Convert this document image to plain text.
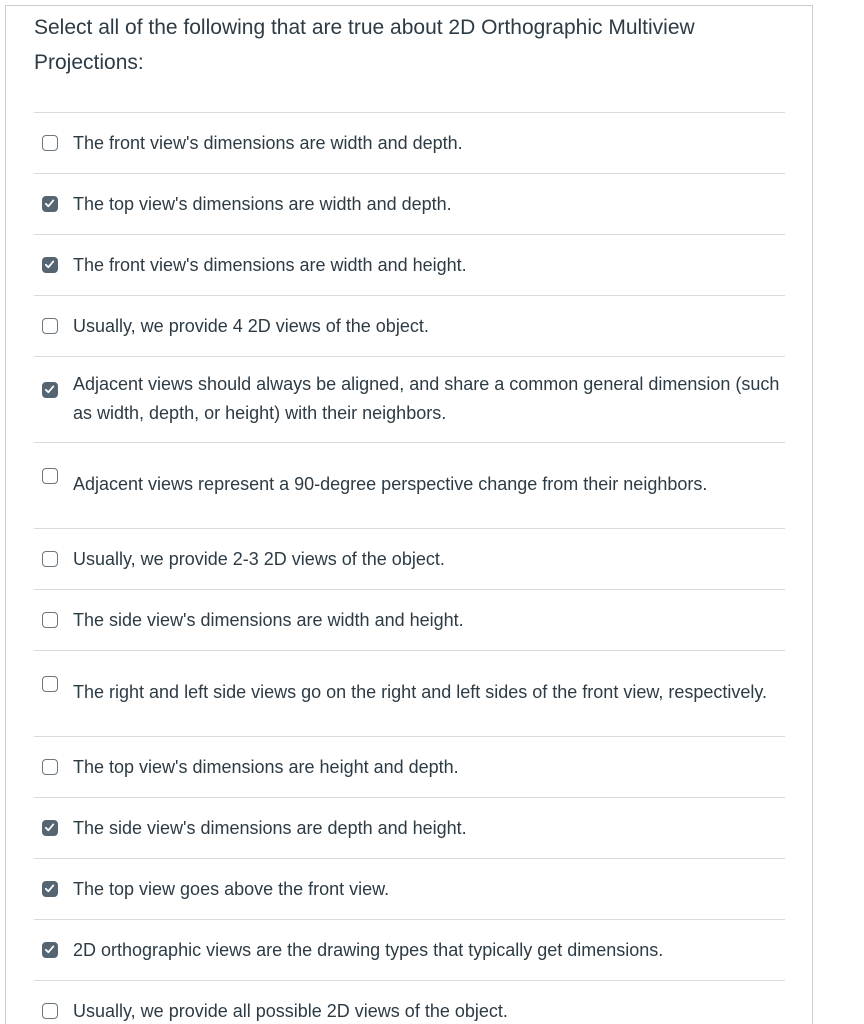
Select all of the following that are true about 2D Orthographic Multiview Projections:
The front view's dimensions are width and depth.
The top view's dimensions are width and depth.
The front view's dimensions are width and height.
Usually, we provide 4 2D views of the object.
Adjacent views should always be aligned, and share a common general dimension (such as width, depth, or height) with their neighbors.
Adjacent views represent a 90-degree perspective change from their neighbors.
Usually, we provide 2-3 2D views of the object.
The side view's dimensions are width and height.
The right and left side views go on the right and left sides of the front view, respectively.
The top view's dimensions are height and depth.
The side view's dimensions are depth and height.
The top view goes above the front view.
2D orthographic views are the drawing types that typically get dimensions.
Usually, we provide all possible 2D views of the object.
